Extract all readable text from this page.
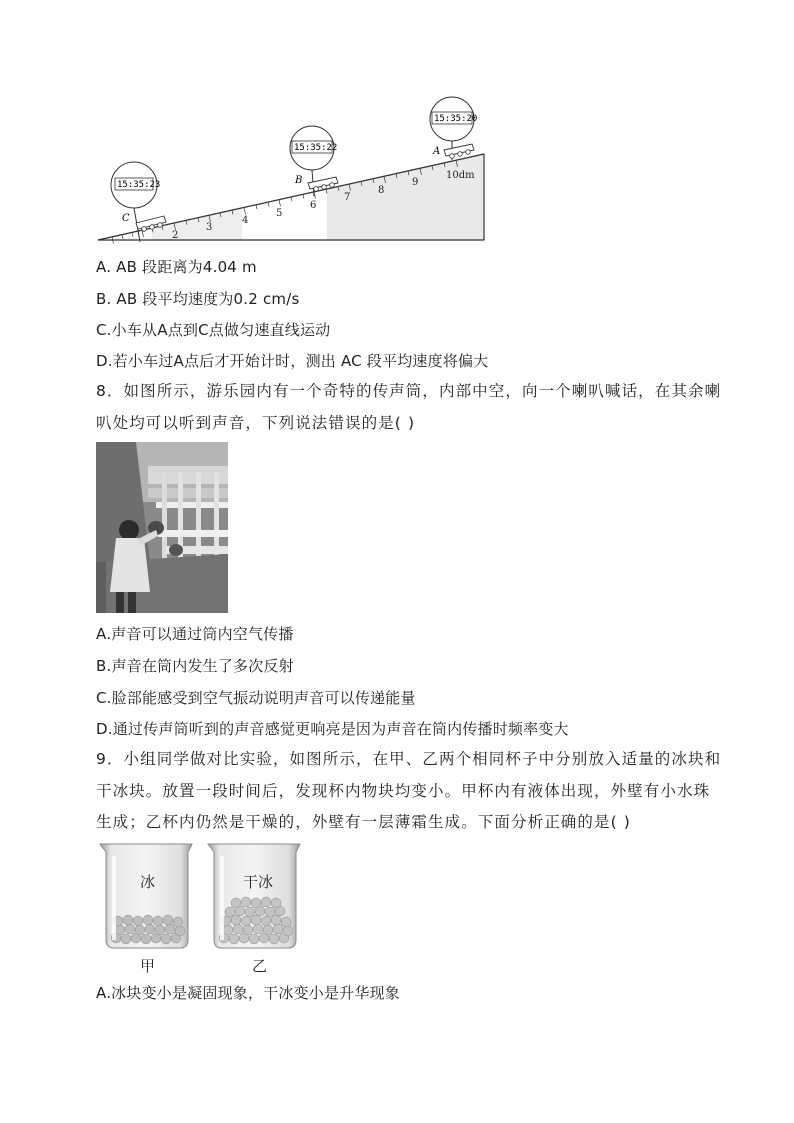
2
3
4
5
6
7
8
9
10dm
15:35:23
C
15:35:22
B
15:35:20
A
A. AB 段距离为4.04 m
B. AB 段平均速度为0.2 cm/s
C.小车从A点到C点做匀速直线运动
D.若小车过A点后才开始计时，测出 AC 段平均速度将偏大
8．如图所示，游乐园内有一个奇特的传声筒，内部中空，向一个喇叭喊话，在其余喇
叭处均可以听到声音，下列说法错误的是( )
A.声音可以通过筒内空气传播
B.声音在筒内发生了多次反射
C.脸部能感受到空气振动说明声音可以传递能量
D.通过传声筒听到的声音感觉更响亮是因为声音在筒内传播时频率变大
9．小组同学做对比实验，如图所示，在甲、乙两个相同杯子中分别放入适量的冰块和
干冰块。放置一段时间后，发现杯内物块均变小。甲杯内有液体出现，外壁有小水珠
生成；乙杯内仍然是干燥的，外壁有一层薄霜生成。下面分析正确的是( )
冰
甲
干冰
乙
A.冰块变小是凝固现象，干冰变小是升华现象
